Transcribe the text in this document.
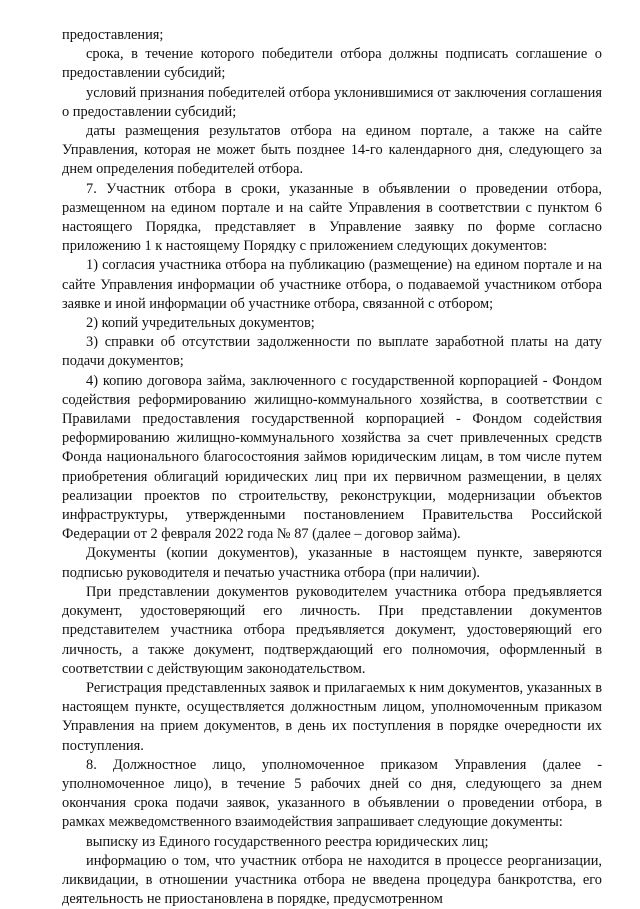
предоставления;

срока, в течение которого победители отбора должны подписать соглашение о предоставлении субсидий;

условий признания победителей отбора уклонившимися от заключения соглашения о предоставлении субсидий;

даты размещения результатов отбора на едином портале, а также на сайте Управления, которая не может быть позднее 14-го календарного дня, следующего за днем определения победителей отбора.

7. Участник отбора в сроки, указанные в объявлении о проведении отбора, размещенном на едином портале и на сайте Управления в соответствии с пунктом 6 настоящего Порядка, представляет в Управление заявку по форме согласно приложению 1 к настоящему Порядку с приложением следующих документов:

1) согласия участника отбора на публикацию (размещение) на едином портале и на сайте Управления информации об участнике отбора, о подаваемой участником отбора заявке и иной информации об участнике отбора, связанной с отбором;

2) копий учредительных документов;

3) справки об отсутствии задолженности по выплате заработной платы на дату подачи документов;

4) копию договора займа, заключенного с государственной корпорацией - Фондом содействия реформированию жилищно-коммунального хозяйства, в соответствии с Правилами предоставления государственной корпорацией - Фондом содействия реформированию жилищно-коммунального хозяйства за счет привлеченных средств Фонда национального благосостояния займов юридическим лицам, в том числе путем приобретения облигаций юридических лиц при их первичном размещении, в целях реализации проектов по строительству, реконструкции, модернизации объектов инфраструктуры, утвержденными постановлением Правительства Российской Федерации от 2 февраля 2022 года № 87 (далее – договор займа).

Документы (копии документов), указанные в настоящем пункте, заверяются подписью руководителя и печатью участника отбора (при наличии).

При представлении документов руководителем участника отбора предъявляется документ, удостоверяющий его личность. При представлении документов представителем участника отбора предъявляется документ, удостоверяющий его личность, а также документ, подтверждающий его полномочия, оформленный в соответствии с действующим законодательством.

Регистрация представленных заявок и прилагаемых к ним документов, указанных в настоящем пункте, осуществляется должностным лицом, уполномоченным приказом Управления на прием документов, в день их поступления в порядке очередности их поступления.

8. Должностное лицо, уполномоченное приказом Управления (далее - уполномоченное лицо), в течение 5 рабочих дней со дня, следующего за днем окончания срока подачи заявок, указанного в объявлении о проведении отбора, в рамках межведомственного взаимодействия запрашивает следующие документы:

выписку из Единого государственного реестра юридических лиц;

информацию о том, что участник отбора не находится в процессе реорганизации, ликвидации, в отношении участника отбора не введена процедура банкротства, его деятельность не приостановлена в порядке, предусмотренном
